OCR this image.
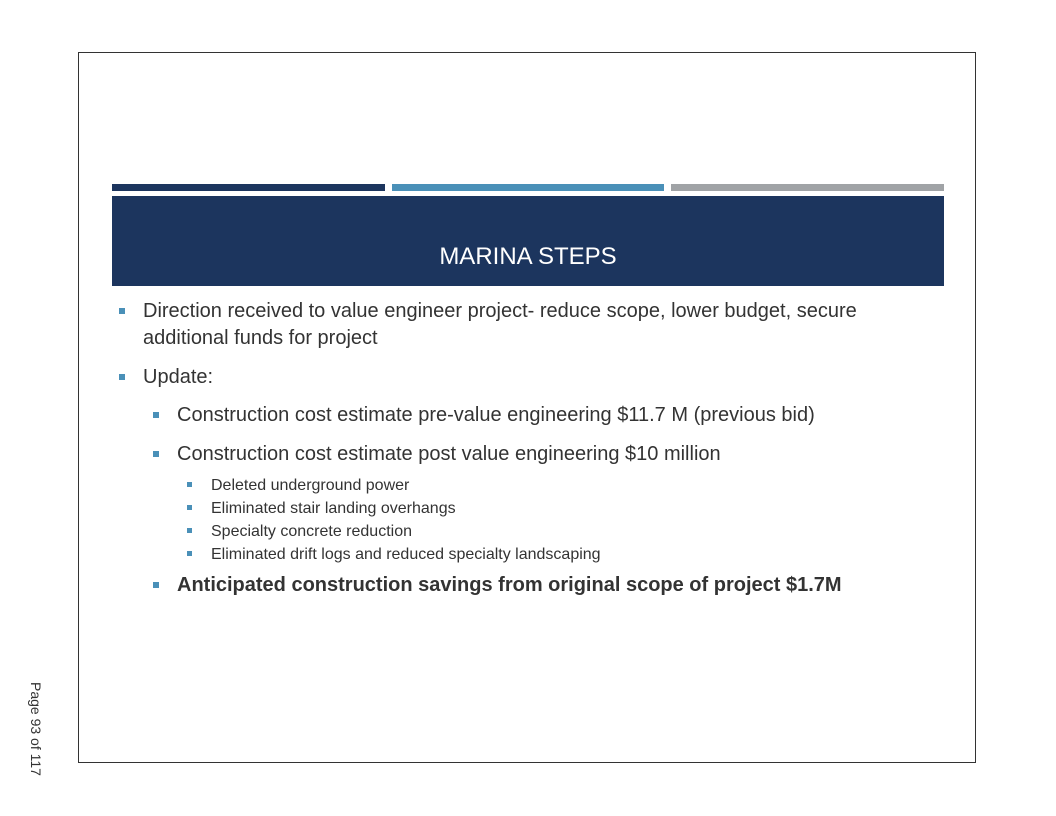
MARINA STEPS
Direction received to value engineer project- reduce scope, lower budget, secure
additional funds for project
Update:
Construction cost estimate pre-value engineering $11.7 M (previous bid)
Construction cost estimate post value engineering $10 million
Deleted underground power
Eliminated stair landing overhangs
Specialty concrete reduction
Eliminated drift logs and reduced specialty landscaping
Anticipated construction savings from original scope of project $1.7M
Page 93 of 117
